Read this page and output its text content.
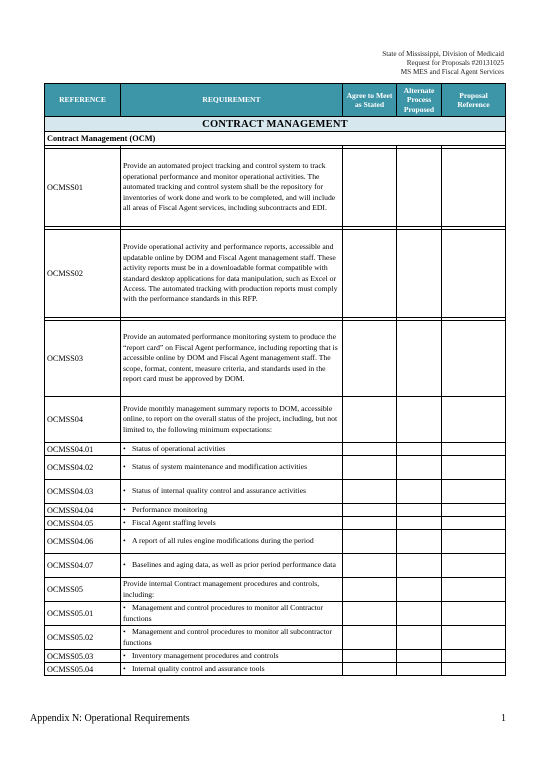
State of Mississippi, Division of Medicaid
Request for Proposals #20131025
MS MES and Fiscal Agent Services
REFERENCE	REQUIREMENT	Agree to Meet as Stated	Alternate Process Proposed	Proposal Reference
CONTRACT MANAGEMENT				
Contract Management (OCM)				

OCMSS01	Provide an automated project tracking and control system to track operational performance and monitor operational activities. The automated tracking and control system shall be the repository for inventories of work done and work to be completed, and will include all areas of Fiscal Agent services, including subcontracts and EDI.			

OCMSS02	Provide operational activity and performance reports, accessible and updatable online by DOM and Fiscal Agent management staff. These activity reports must be in a downloadable format compatible with standard desktop applications for data manipulation, such as Excel or Access. The automated tracking with production reports must comply with the performance standards in this RFP.			

OCMSS03	Provide an automated performance monitoring system to produce the “report card” on Fiscal Agent performance, including reporting that is accessible online by DOM and Fiscal Agent management staff. The scope, format, content, measure criteria, and standards used in the report card must be approved by DOM.			
OCMSS04	Provide monthly management summary reports to DOM, accessible online, to report on the overall status of the project, including, but not limited to, the following minimum expectations:			
OCMSS04.01	• Status of operational activities			
OCMSS04.02	• Status of system maintenance and modification activities			
OCMSS04.03	• Status of internal quality control and assurance activities			
OCMSS04.04	• Performance monitoring			
OCMSS04.05	• Fiscal Agent staffing levels			
OCMSS04.06	• A report of all rules engine modifications during the period			
OCMSS04.07	• Baselines and aging data, as well as prior period performance data			
OCMSS05	Provide internal Contract management procedures and controls, including:			
OCMSS05.01	• Management and control procedures to monitor all Contractor functions			
OCMSS05.02	• Management and control procedures to monitor all subcontractor functions			
OCMSS05.03	• Inventory management procedures and controls			
OCMSS05.04	• Internal quality control and assurance tools			
Appendix N: Operational Requirements	1
